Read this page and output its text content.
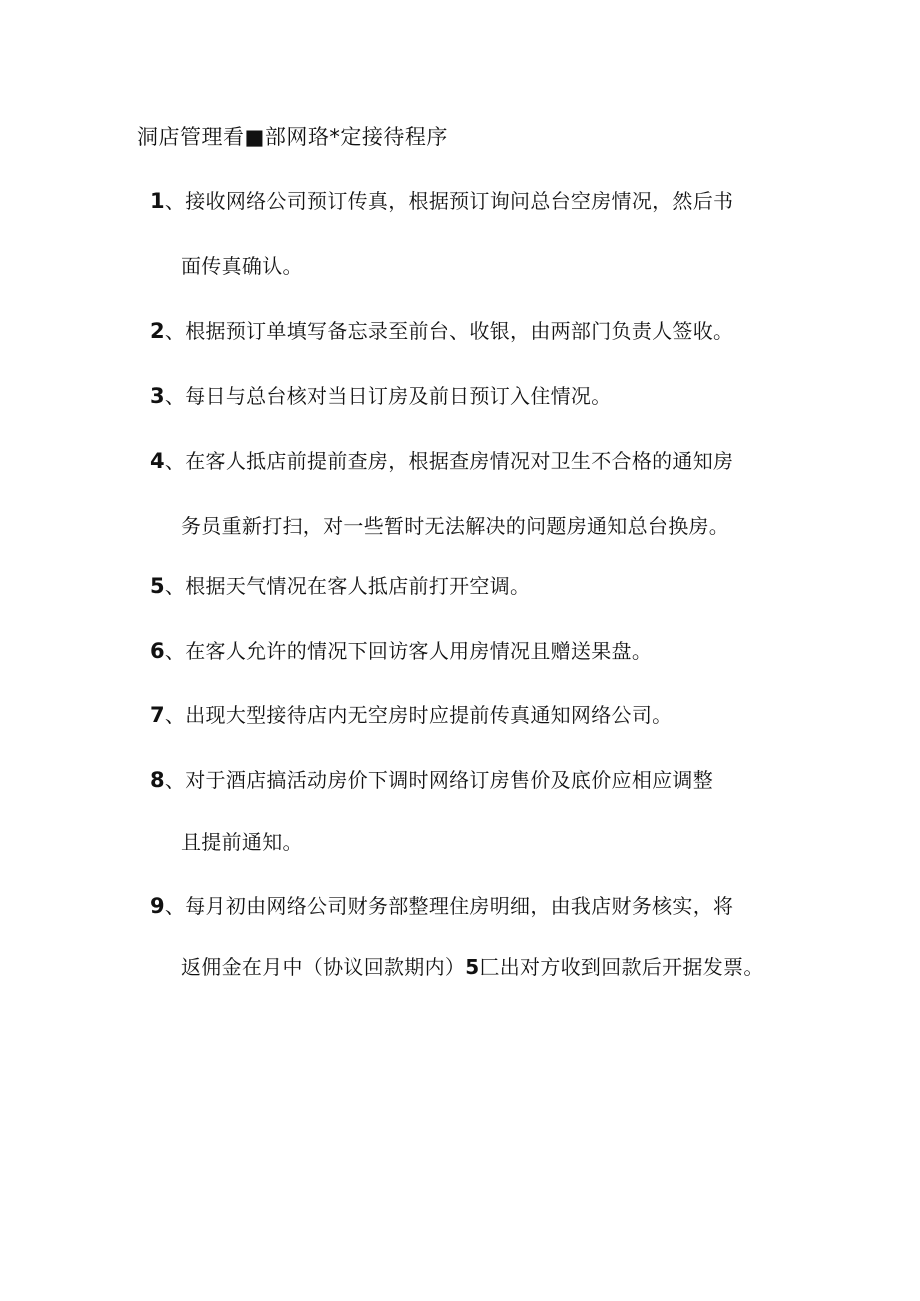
洞店管理看■部网珞*定接待程序
1、接收网络公司预订传真，根据预订询问总台空房情况，然后书
面传真确认。
2、根据预订单填写备忘录至前台、收银，由两部门负责人签收。
3、每日与总台核对当日订房及前日预订入住情况。
4、在客人抵店前提前查房，根据查房情况对卫生不合格的通知房
务员重新打扫，对一些暂时无法解决的问题房通知总台换房。
5、根据天气情况在客人抵店前打开空调。
6、在客人允许的情况下回访客人用房情况且赠送果盘。
7、出现大型接待店内无空房时应提前传真通知网络公司。
8、对于酒店搞活动房价下调时网络订房售价及底价应相应调整
且提前通知。
9、每月初由网络公司财务部整理住房明细，由我店财务核实，将
返佣金在月中（协议回款期内）5匚出对方收到回款后开据发票。
